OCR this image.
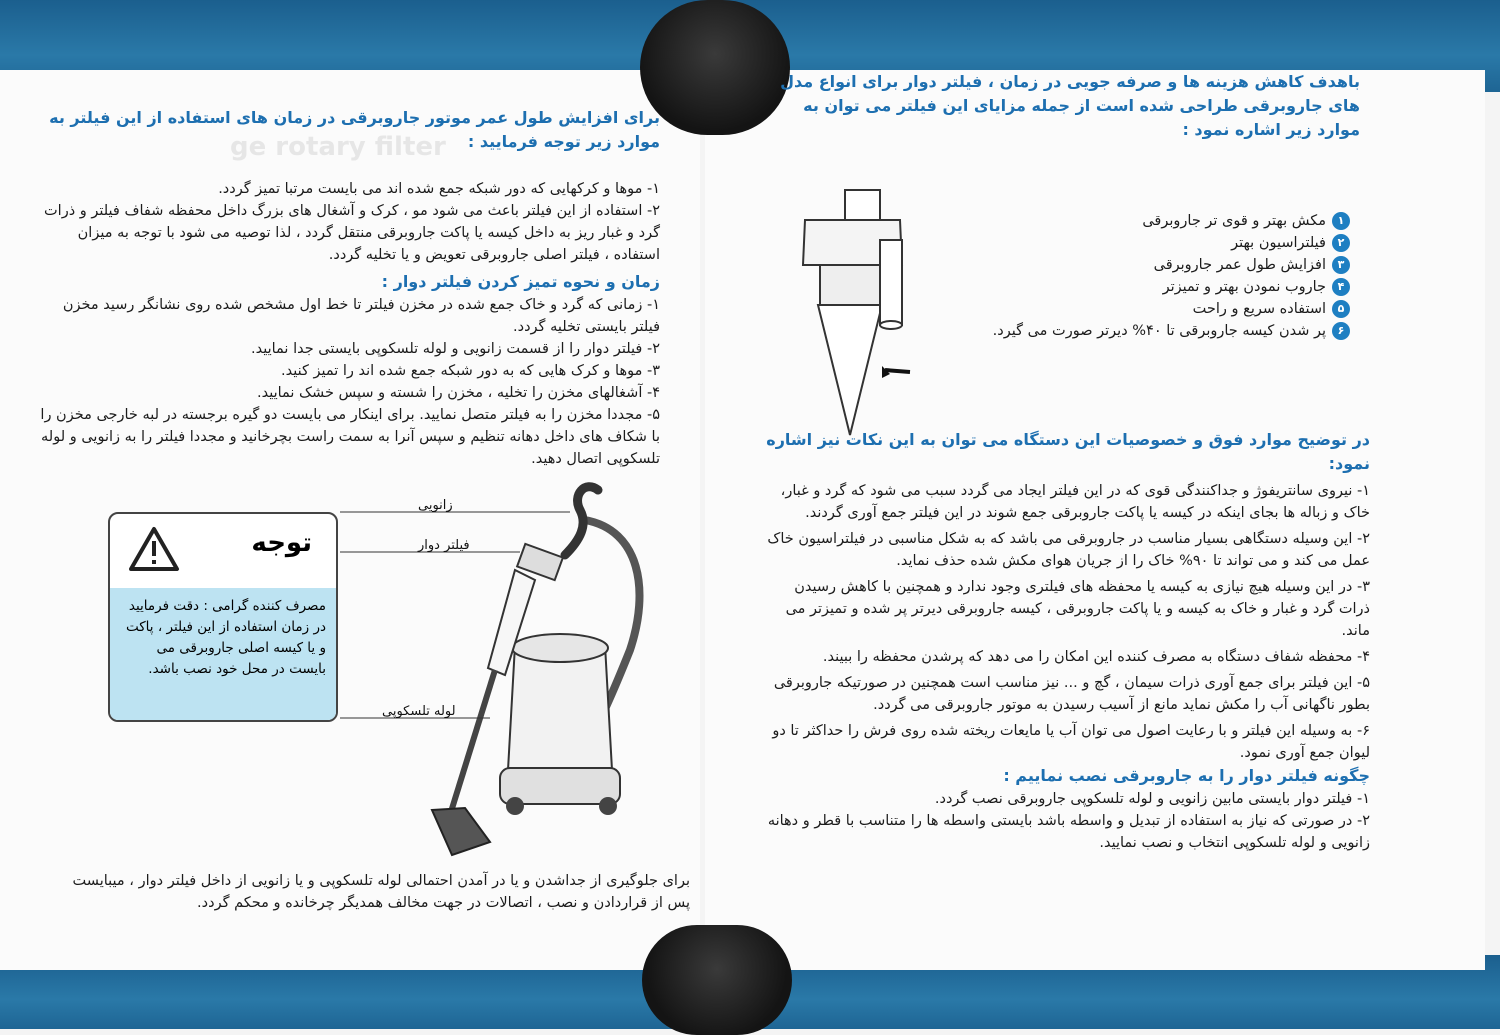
ge rotary filter

برای افزایش طول عمر موتور جاروبرقی در زمان های استفاده از این فیلتر به موارد زیر توجه فرمایید :

۱- موها و کرکهایی که دور شبکه جمع شده اند می بایست مرتبا تمیز گردد.

۲- استفاده از این فیلتر باعث می شود مو ، کرک و آشغال های بزرگ داخل محفظه شفاف فیلتر و ذرات گرد و غبار ریز به داخل کیسه یا پاکت جاروبرقی منتقل گردد ، لذا توصیه می شود با توجه به میزان استفاده ، فیلتر اصلی جاروبرقی تعویض و یا تخلیه گردد.

زمان و نحوه تمیز کردن فیلتر دوار :

۱- زمانی که گرد و خاک جمع شده در مخزن فیلتر تا خط اول مشخص شده روی نشانگر رسید مخزن فیلتر بایستی تخلیه گردد.

۲- فیلتر دوار را از قسمت زانویی و لوله تلسکوپی بایستی جدا نمایید.

۳- موها و کرک هایی که به دور شبکه جمع شده اند را تمیز کنید.

۴- آشغالهای مخزن را تخلیه ، مخزن را شسته و سپس خشک نمایید.

۵- مجددا مخزن را به فیلتر متصل نمایید. برای اینکار می بایست دو گیره برجسته در لبه خارجی مخزن را با شکاف های داخل دهانه تنظیم و سپس آنرا به سمت راست بچرخانید و مجددا فیلتر را به زانویی و لوله تلسکوپی اتصال دهید.

توجه
مصرف کننده گرامی : دقت فرمایید در زمان استفاده از این فیلتر ، پاکت و یا کیسه اصلی جاروبرقی می بایست در محل خود نصب باشد.
زانویی
فیلتر دوار
لوله تلسکوپی

برای جلوگیری از جداشدن و یا در آمدن احتمالی لوله تلسکوپی و یا زانویی از داخل فیلتر دوار ، میبایست پس از قراردادن و نصب ، اتصالات در جهت مخالف همدیگر چرخانده و محکم گردد.

باهدف کاهش هزینه ها و صرفه جویی در زمان ، فیلتر دوار برای انواع مدل های جاروبرقی طراحی شده است از جمله مزایای این فیلتر می توان به موارد زیر اشاره نمود :

۱
مکش بهتر و قوی تر جاروبرقی
۲
فیلتراسیون بهتر
۳
افزایش طول عمر جاروبرقی
۴
جاروب نمودن بهتر و تمیزتر
۵
استفاده سریع و راحت
۶
پر شدن کیسه جاروبرقی تا ۴۰% دیرتر صورت می گیرد.

در توضیح موارد فوق و خصوصیات این دستگاه می توان به این نکات نیز اشاره نمود:

۱- نیروی سانتریفوژ و جداکنندگی قوی که در این فیلتر ایجاد می گردد سبب می شود که گرد و غبار، خاک و زباله ها بجای اینکه در کیسه یا پاکت جاروبرقی جمع شوند در این فیلتر جمع آوری گردند.

۲- این وسیله دستگاهی بسیار مناسب در جاروبرقی می باشد که به شکل مناسبی در فیلتراسیون خاک عمل می کند و می تواند تا ۹۰% خاک را از جریان هوای مکش شده حذف نماید.

۳- در این وسیله هیچ نیازی به کیسه یا محفظه های فیلتری وجود ندارد و همچنین با کاهش رسیدن ذرات گرد و غبار و خاک به کیسه و یا پاکت جاروبرقی ، کیسه جاروبرقی دیرتر پر شده و تمیزتر می ماند.

۴- محفظه شفاف دستگاه به مصرف کننده این امکان را می دهد که پرشدن محفظه را ببیند.

۵- این فیلتر برای جمع آوری ذرات سیمان ، گچ و ... نیز مناسب است همچنین در صورتیکه جاروبرقی بطور ناگهانی آب را مکش نماید مانع از آسیب رسیدن به موتور جاروبرقی می گردد.

۶- به وسیله این فیلتر و با رعایت اصول می توان آب یا مایعات ریخته شده روی فرش را حداکثر تا دو لیوان جمع آوری نمود.

چگونه فیلتر دوار را به جاروبرقی نصب نماییم :

۱- فیلتر دوار بایستی مابین زانویی و لوله تلسکوپی جاروبرقی نصب گردد.

۲- در صورتی که نیاز به استفاده از تبدیل و واسطه باشد بایستی واسطه ها را متناسب با قطر و دهانه زانویی و لوله تلسکوپی انتخاب و نصب نمایید.
